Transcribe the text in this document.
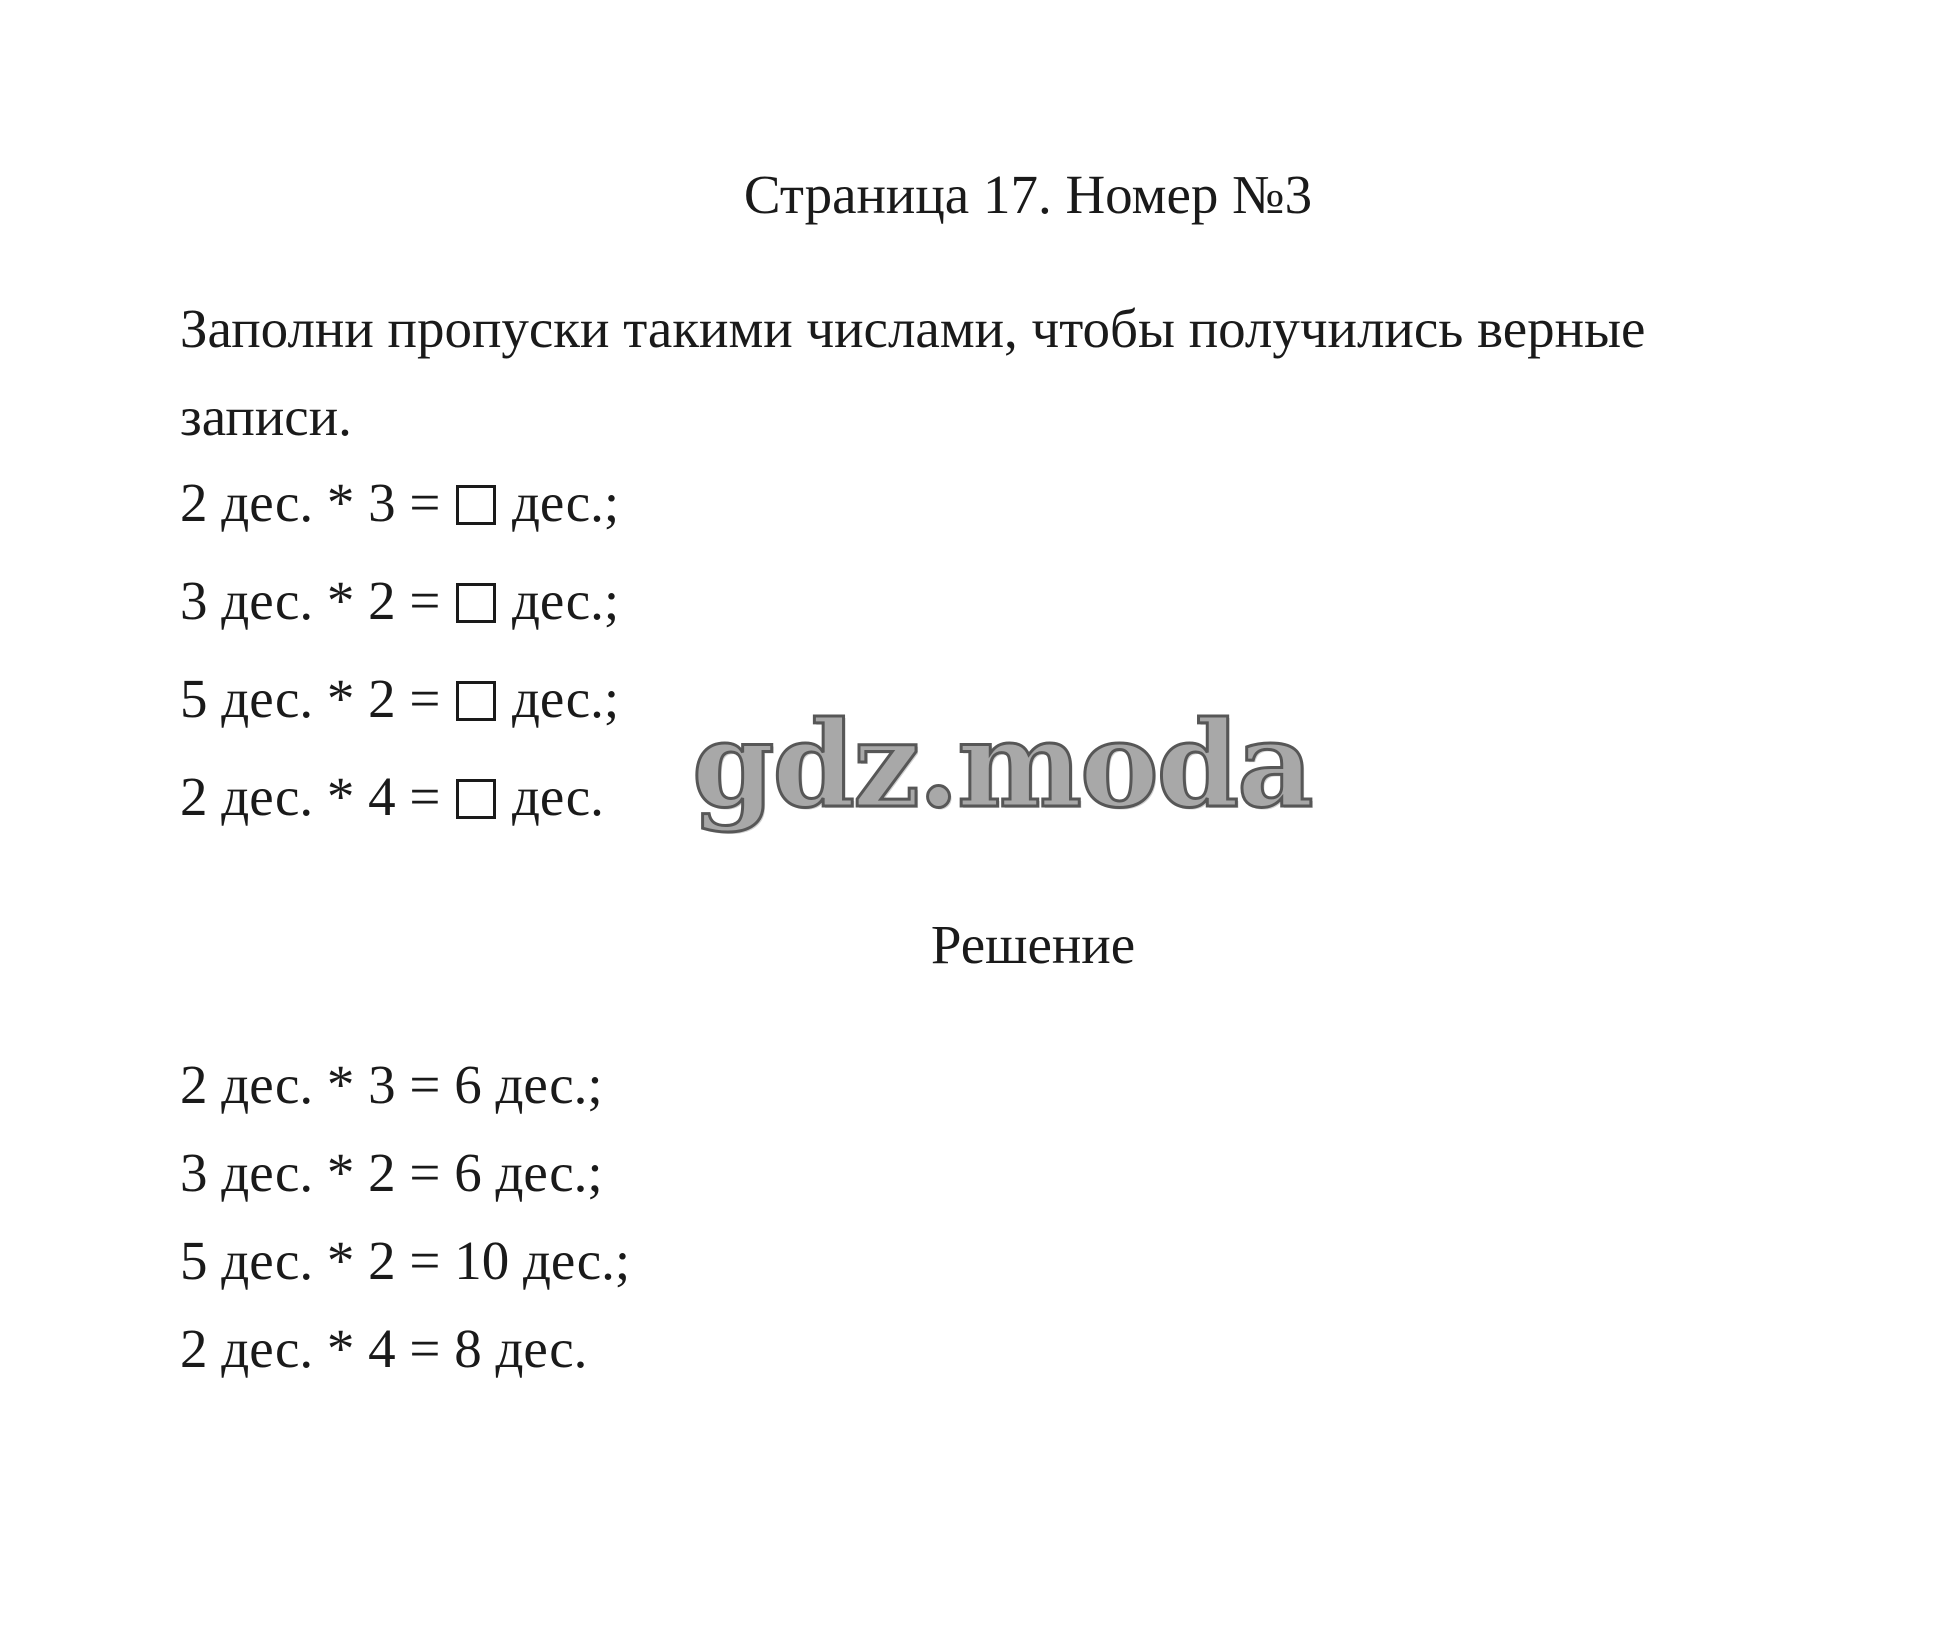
Страница 17. Номер №3
Заполни пропуски такими числами, чтобы получились верные записи.
2 дес. * 3 = дес.;
3 дес. * 2 = дес.;
5 дес. * 2 = дес.;
2 дес. * 4 = дес. gdz.moda
Решение
2 дес. * 3 = 6 дес.;
3 дес. * 2 = 6 дес.;
5 дес. * 2 = 10 дес.;
2 дес. * 4 = 8 дес.
